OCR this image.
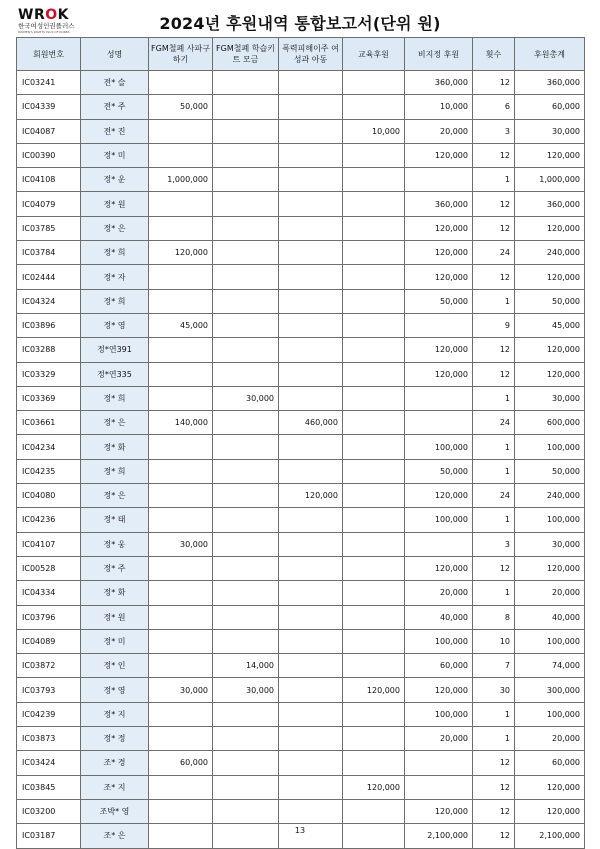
WROK
한국여성인권플러스
WOMEN'S RIGHTS PLUS OF KOREA	2024년 후원내역 통합보고서(단위 원)
회원번호	성명	FGM철폐 사파구하기	FGM철폐 학습키트 모금	폭력피해이주 여성과 아동	교육후원	비지정 후원	횟수	후원총계
IC03241	전* 슬					360,000	12	360,000
IC04339	전* 주	50,000				10,000	6	60,000
IC04087	전* 진				10,000	20,000	3	30,000
IC00390	정* 미					120,000	12	120,000
IC04108	정* 운	1,000,000					1	1,000,000
IC04079	정* 원					360,000	12	360,000
IC03785	정* 은					120,000	12	120,000
IC03784	정* 희	120,000				120,000	24	240,000
IC02444	정* 자					120,000	12	120,000
IC04324	정* 희					50,000	1	50,000
IC03896	정* 영	45,000					9	45,000
IC03288	정*연391					120,000	12	120,000
IC03329	정*연335					120,000	12	120,000
IC03369	정* 희		30,000				1	30,000
IC03661	정* 은	140,000		460,000			24	600,000
IC04234	정* 화					100,000	1	100,000
IC04235	정* 희					50,000	1	50,000
IC04080	정* 은			120,000		120,000	24	240,000
IC04236	정* 태					100,000	1	100,000
IC04107	정* 웅	30,000					3	30,000
IC00528	정* 주					120,000	12	120,000
IC04334	정* 화					20,000	1	20,000
IC03796	정* 원					40,000	8	40,000
IC04089	정* 미					100,000	10	100,000
IC03872	정* 인		14,000			60,000	7	74,000
IC03793	정* 영	30,000	30,000		120,000	120,000	30	300,000
IC04239	정* 지					100,000	1	100,000
IC03873	정* 정					20,000	1	20,000
IC03424	조* 경	60,000					12	60,000
IC03845	조* 지				120,000		12	120,000
IC03200	조박* 영					120,000	12	120,000
IC03187	조* 은					2,100,000	12	2,100,000
13
